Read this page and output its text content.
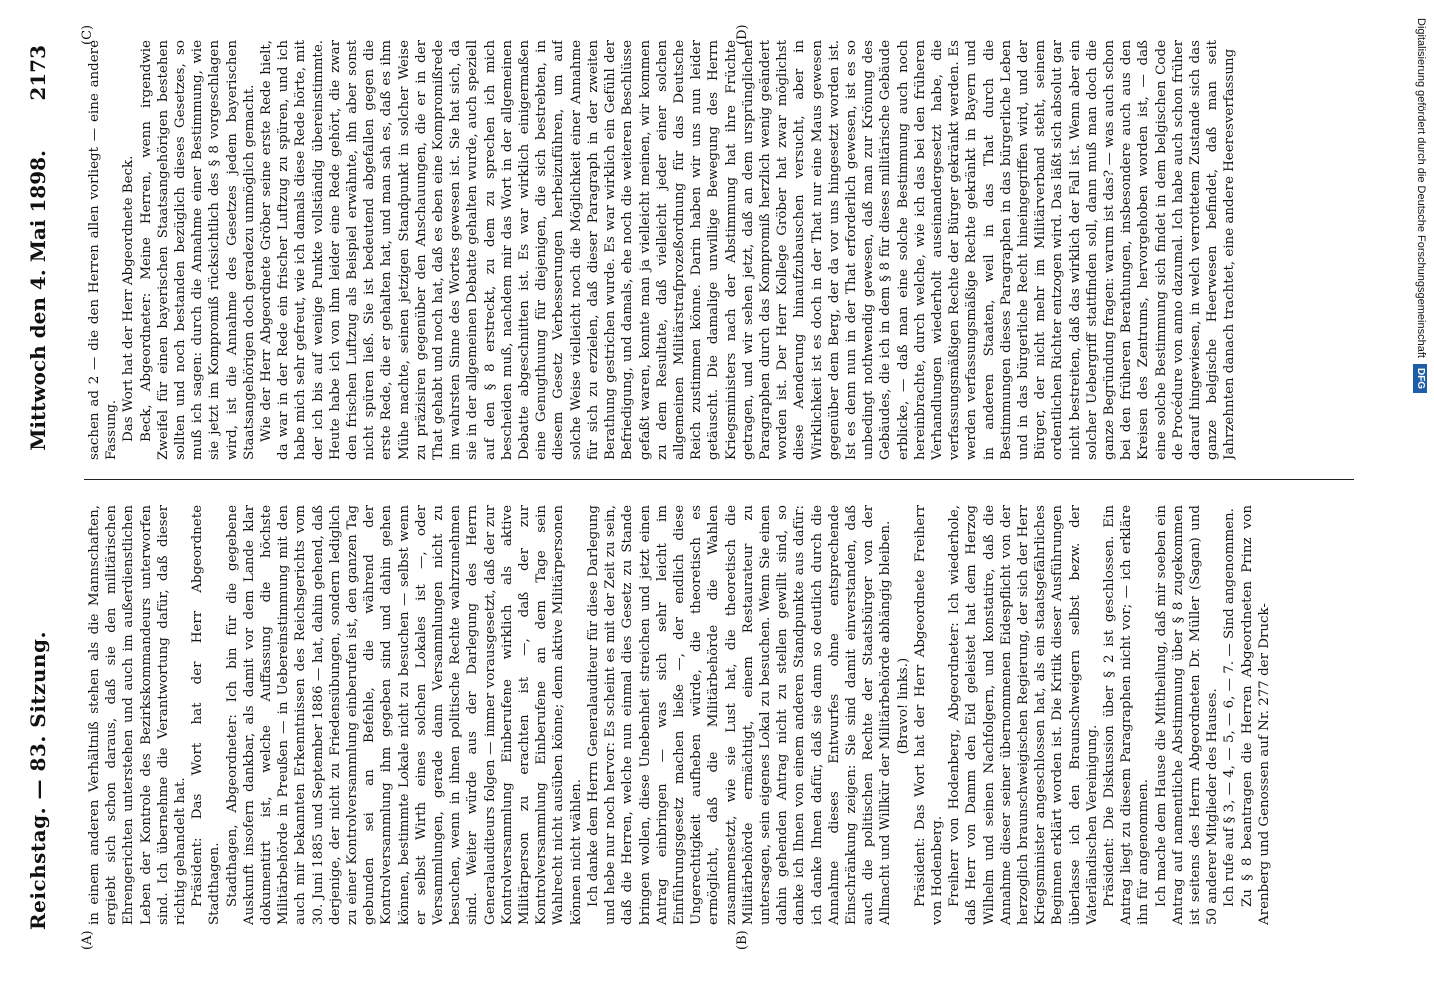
Reichstag. — 83. Sitzung.
Mittwoch den 4. Mai 1898.
2173
(A)	(B)
(C)	(D)

in einem anderen Verhältniß stehen als die Mannschaften, ergiebt sich schon daraus, daß sie den militärischen Ehrengerichten unterstehen und auch im außerdienstlichen Leben der Kontrole des Bezirkskommandeurs unterworfen sind. Ich übernehme die Verantwortung dafür, daß dieser richtig gehandelt hat. Präsident: Das Wort hat der Herr Abgeordnete Stadthagen. Stadthagen, Abgeordneter: Ich bin für die gegebene Auskunft insofern dankbar, als damit vor dem Lande klar dokumentirt ist, welche Auffassung die höchste Militärbehörde in Preußen — in Uebereinstimmung mit den auch mir bekannten Erkenntnissen des Reichsgerichts vom 30. Juni 1885 und September 1886 — hat, dahin gehend, daß derjenige, der nicht zu Friedensübungen, sondern lediglich zu einer Kontrolversammlung einberufen ist, den ganzen Tag gebunden sei an Befehle, die während der Kontrolversammlung ihm gegeben sind und dahin gehen können, bestimmte Lokale nicht zu besuchen — selbst wenn er selbst Wirth eines solchen Lokales ist —, oder Versammlungen, gerade dann Versammlungen nicht zu besuchen, wenn in ihnen politische Rechte wahrzunehmen sind. Weiter würde aus der Darlegung des Herrn Generalauditeurs folgen — immer vorausgesetzt, daß der zur Kontrolversammlung Einberufene wirklich als aktive Militärperson zu erachten ist —, daß der zur Kontrolversammlung Einberufene an dem Tage sein Wahlrecht nicht ausüben könne; denn aktive Militärpersonen können nicht wählen. Ich danke dem Herrn Generalauditeur für diese Darlegung und hebe nur noch hervor: Es scheint es mit der Zeit zu sein, daß die Herren, welche nun einmal dies Gesetz zu Stande bringen wollen, diese Unebenheit streichen und jetzt einen Antrag einbringen — was sich sehr leicht im Einführungsgesetz machen ließe —, der endlich diese Ungerechtigkeit aufheben würde, die theoretisch es ermöglicht, daß die Militärbehörde die Wahlen zusammensetzt, wie sie Lust hat, die theoretisch die Militärbehörde ermächtigt, einem Restaurateur zu untersagen, sein eigenes Lokal zu besuchen. Wenn Sie einen dahin gehenden Antrag nicht zu stellen gewillt sind, so danke ich Ihnen von einem anderen Standpunkte aus dafür: ich danke Ihnen dafür, daß sie dann so deutlich durch die Annahme dieses Entwurfes ohne entsprechende Einschränkung zeigen: Sie sind damit einverstanden, daß auch die politischen Rechte der Staatsbürger von der Allmacht und Willkür der Militärbehörde abhängig bleiben. (Bravo! links.) Präsident: Das Wort hat der Herr Abgeordnete Freiherr von Hodenberg. Freiherr von Hodenberg, Abgeordneter: Ich wiederhole, daß Herr von Damm den Eid geleistet hat dem Herzog Wilhelm und seinen Nachfolgern, und konstatire, daß die Annahme dieser seiner übernommenen Eidespflicht von der herzoglich braunschweigischen Regierung, der sich der Herr Kriegsminister angeschlossen hat, als ein staatsgefährliches Beginnen erklärt worden ist. Die Kritik dieser Ausführungen überlasse ich den Braunschweigern selbst bezw. der Vaterländischen Vereinigung. Präsident: Die Diskussion über § 2 ist geschlossen. Ein Antrag liegt zu diesem Paragraphen nicht vor; — ich erkläre ihn für angenommen. Ich mache dem Hause die Mittheilung, daß mir soeben ein Antrag auf namentliche Abstimmung über § 8 zugekommen ist seitens des Herrn Abgeordneten Dr. Müller (Sagan) und 50 anderer Mitglieder des Hauses. Ich rufe auf § 3, — 4, — 5, — 6, — 7. — Sind angenommen. Zu § 8 beantragen die Herren Abgeordneten Prinz von Arenberg und Genossen auf Nr. 277 der Druck-

sachen ad 2 — die den Herren allen vorliegt — eine andere Fassung. Das Wort hat der Herr Abgeordnete Beck. Beck, Abgeordneter: Meine Herren, wenn irgendwie Zweifel für einen bayerischen Staatsangehörigen bestehen sollten und noch bestanden bezüglich dieses Gesetzes, so muß ich sagen: durch die Annahme einer Bestimmung, wie sie jetzt im Kompromiß rücksichtlich des § 8 vorgeschlagen wird, ist die Annahme des Gesetzes jedem bayerischen Staatsangehörigen doch geradezu unmöglich gemacht. Wie der Herr Abgeordnete Gröber seine erste Rede hielt, da war in der Rede ein frischer Luftzug zu spüren, und ich habe mich sehr gefreut, wie ich damals diese Rede hörte, mit der ich bis auf wenige Punkte vollständig übereinstimmte. Heute habe ich von ihm leider eine Rede gehört, die zwar den frischen Luftzug als Beispiel erwähnte, ihn aber sonst nicht spüren ließ. Sie ist bedeutend abgefallen gegen die erste Rede, die er gehalten hat, und man sah es, daß es ihm Mühe machte, seinen jetzigen Standpunkt in solcher Weise zu präzisiren gegenüber den Anschauungen, die er in der That gehabt und noch hat, daß es eben eine Kompromißrede im wahrsten Sinne des Wortes gewesen ist. Sie hat sich, da sie in der allgemeinen Debatte gehalten wurde, auch speziell auf den § 8 erstreckt, zu dem zu sprechen ich mich bescheiden muß, nachdem mir das Wort in der allgemeinen Debatte abgeschnitten ist. Es war wirklich einigermaßen eine Genugthuung für diejenigen, die sich bestrebten, in diesem Gesetz Verbesserungen herbeizuführen, um auf solche Weise vielleicht noch die Möglichkeit einer Annahme für sich zu erzielen, daß dieser Paragraph in der zweiten Berathung gestrichen wurde. Es war wirklich ein Gefühl der Befriedigung, und damals, ehe noch die weiteren Beschlüsse gefaßt waren, konnte man ja vielleicht meinen, wir kommen zu dem Resultate, daß vielleicht jeder einer solchen allgemeinen Militärstrafprozeßordnung für das Deutsche Reich zustimmen könne. Darin haben wir uns nun leider getäuscht. Die damalige unwillige Bewegung des Herrn Kriegsministers nach der Abstimmung hat ihre Früchte getragen, und wir sehen jetzt, daß an dem ursprünglichen Paragraphen durch das Kompromiß herzlich wenig geändert worden ist. Der Herr Kollege Gröber hat zwar möglichst diese Aenderung hinaufzubauschen versucht, aber in Wirklichkeit ist es doch in der That nur eine Maus gewesen gegenüber dem Berg, der da vor uns hingesetzt worden ist. Ist es denn nun in der That erforderlich gewesen, ist es so unbedingt nothwendig gewesen, daß man zur Krönung des Gebäudes, die ich in dem § 8 für dieses militärische Gebäude erblicke, — daß man eine solche Bestimmung auch noch hereinbrachte, durch welche, wie ich das bei den früheren Verhandlungen wiederholt auseinandergesetzt habe, die verfassungsmäßigen Rechte der Bürger gekränkt werden. Es werden verfassungsmäßige Rechte gekränkt in Bayern und in anderen Staaten, weil in das That durch die Bestimmungen dieses Paragraphen in das bürgerliche Leben und in das bürgerliche Recht hineingegriffen wird, und der Bürger, der nicht mehr im Militärverband steht, seinem ordentlichen Richter entzogen wird. Das läßt sich absolut gar nicht bestreiten, daß das wirklich der Fall ist. Wenn aber ein solcher Uebergriff stattfinden soll, dann muß man doch die ganze Begründung fragen: warum ist das? — was auch schon bei den früheren Berathungen, insbesondere auch aus den Kreisen des Zentrums, hervorgehoben worden ist, — daß eine solche Bestimmung sich findet in dem belgischen Code de Procédure von anno dazumal. Ich habe auch schon früher darauf hingewiesen, in welch verrottetem Zustande sich das ganze belgische Heerwesen befindet, daß man seit Jahrzehnten danach trachtet, eine andere Heeresverfassung	Digitalisierung gefördert durch die Deutsche ForschungsgemeinschaftDFG
